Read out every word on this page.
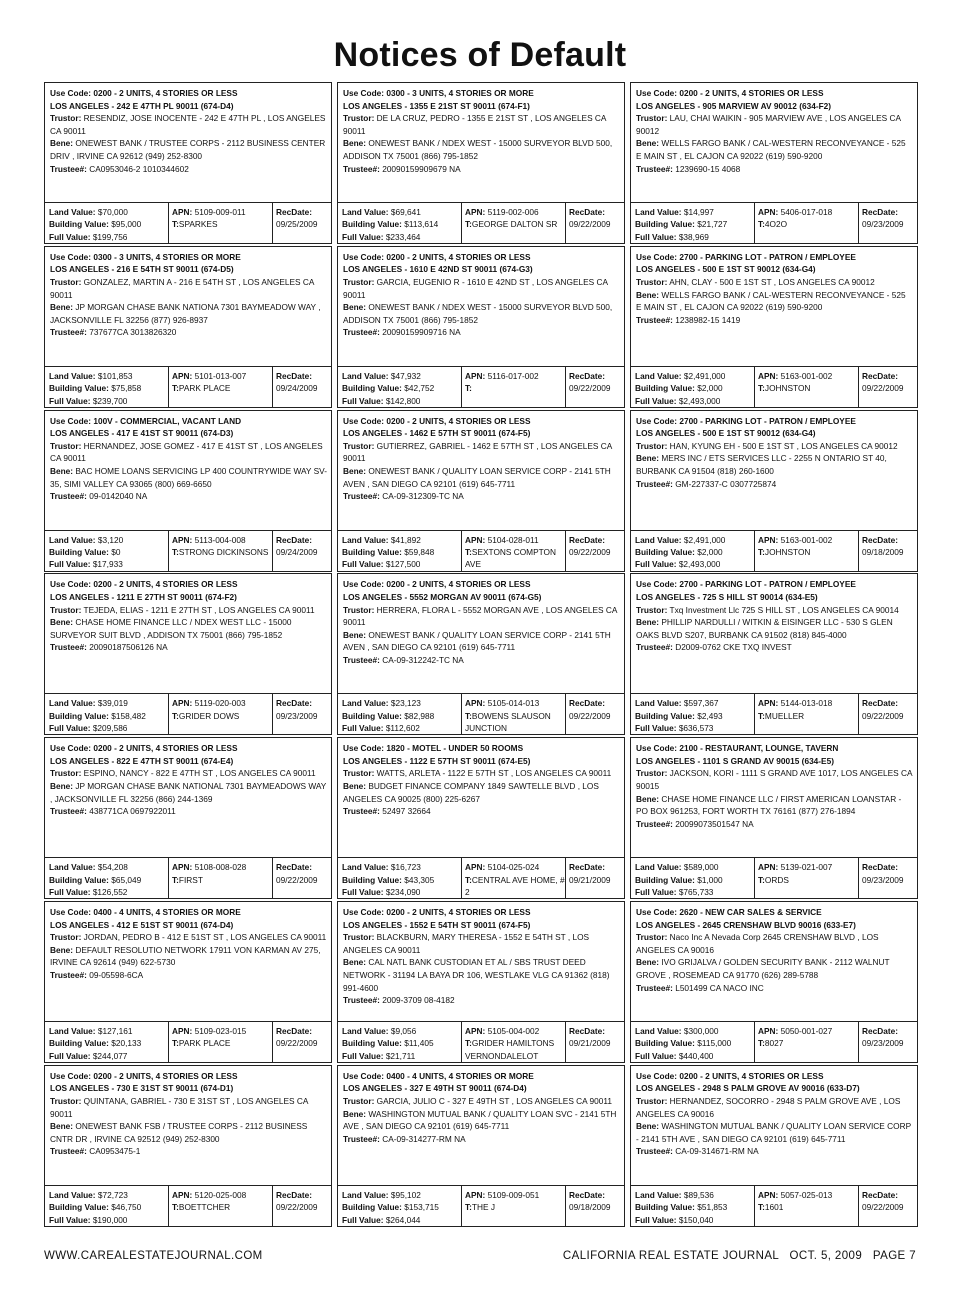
Notices of Default
Use Code: 0200 - 2 UNITS, 4 STORIES OR LESS
LOS ANGELES - 242 E 47TH PL 90011 (674-D4)
Trustor: RESENDIZ, JOSE INOCENTE - 242 E 47TH PL , LOS ANGELES CA 90011
Bene: ONEWEST BANK / TRUSTEE CORPS - 2112 BUSINESS CENTER DRIV , IRVINE CA 92612 (949) 252-8300
Trustee#: CA0953046-2 1010344602
Land Value: $70,000
Building Value: $95,000
Full Value: $199,756
APN: 5109-009-011
T:SPARKES
RecDate:
09/25/2009
Use Code: 0300 - 3 UNITS, 4 STORIES OR MORE
LOS ANGELES - 216 E 54TH ST 90011 (674-D5)
Trustor: GONZALEZ, MARTIN A - 216 E 54TH ST , LOS ANGELES CA 90011
Bene: JP MORGAN CHASE BANK NATIONA 7301 BAYMEADOW WAY , JACKSONVILLE FL 32256 (877) 926-8937
Trustee#: 737677CA 3013826320
Land Value: $101,853
Building Value: $75,858
Full Value: $239,700
APN: 5101-013-007
T:PARK PLACE
RecDate:
09/24/2009
Use Code: 100V - COMMERCIAL, VACANT LAND
LOS ANGELES - 417 E 41ST ST 90011 (674-D3)
Trustor: HERNANDEZ, JOSE GOMEZ - 417 E 41ST ST , LOS ANGELES CA 90011
Bene: BAC HOME LOANS SERVICING LP 400 COUNTRYWIDE WAY SV-35, SIMI VALLEY CA 93065 (800) 669-6650
Trustee#: 09-0142040 NA
Land Value: $3,120
Building Value: $0
Full Value: $17,933
APN: 5113-004-008
T:STRONG DICKINSONS
RecDate:
09/24/2009
Use Code: 0200 - 2 UNITS, 4 STORIES OR LESS
LOS ANGELES - 1211 E 27TH ST 90011 (674-F2)
Trustor: TEJEDA, ELIAS - 1211 E 27TH ST , LOS ANGELES CA 90011
Bene: CHASE HOME FINANCE LLC / NDEX WEST LLC - 15000 SURVEYOR SUIT BLVD , ADDISON TX 75001 (866) 795-1852
Trustee#: 20090187506126 NA
Land Value: $39,019
Building Value: $158,482
Full Value: $209,586
APN: 5119-020-003
T:GRIDER DOWS
RecDate:
09/23/2009
Use Code: 0200 - 2 UNITS, 4 STORIES OR LESS
LOS ANGELES - 822 E 47TH ST 90011 (674-E4)
Trustor: ESPINO, NANCY - 822 E 47TH ST , LOS ANGELES CA 90011
Bene: JP MORGAN CHASE BANK NATIONAL 7301 BAYMEADOWS WAY , JACKSONVILLE FL 32256 (866) 244-1369
Trustee#: 438771CA 0697922011
Land Value: $54,208
Building Value: $65,049
Full Value: $126,552
APN: 5108-008-028
T:FIRST
RecDate:
09/22/2009
Use Code: 0400 - 4 UNITS, 4 STORIES OR MORE
LOS ANGELES - 412 E 51ST ST 90011 (674-D4)
Trustor: JORDAN, PEDRO B - 412 E 51ST ST , LOS ANGELES CA 90011
Bene: DEFAULT RESOLUTIO NETWORK 17911 VON KARMAN AV 275, IRVINE CA 92614 (949) 622-5730
Trustee#: 09-05598-6CA
Land Value: $127,161
Building Value: $20,133
Full Value: $244,077
APN: 5109-023-015
T:PARK PLACE
RecDate:
09/22/2009
Use Code: 0200 - 2 UNITS, 4 STORIES OR LESS
LOS ANGELES - 730 E 31ST ST 90011 (674-D1)
Trustor: QUINTANA, GABRIEL - 730 E 31ST ST , LOS ANGELES CA 90011
Bene: ONEWEST BANK FSB / TRUSTEE CORPS - 2112 BUSINESS CNTR DR , IRVINE CA 92512 (949) 252-8300
Trustee#: CA0953475-1
Land Value: $72,723
Building Value: $46,750
Full Value: $190,000
APN: 5120-025-008
T:BOETTCHER
RecDate:
09/22/2009
Use Code: 0300 - 3 UNITS, 4 STORIES OR MORE
LOS ANGELES - 1355 E 21ST ST 90011 (674-F1)
Trustor: DE LA CRUZ, PEDRO - 1355 E 21ST ST , LOS ANGELES CA 90011
Bene: ONEWEST BANK / NDEX WEST - 15000 SURVEYOR BLVD 500, ADDISON TX 75001 (866) 795-1852
Trustee#: 20090159909679 NA
Land Value: $69,641
Building Value: $113,614
Full Value: $233,464
APN: 5119-002-006
T:GEORGE DALTON SR
RecDate:
09/22/2009
Use Code: 0200 - 2 UNITS, 4 STORIES OR LESS
LOS ANGELES - 1610 E 42ND ST 90011 (674-G3)
Trustor: GARCIA, EUGENIO R - 1610 E 42ND ST , LOS ANGELES CA 90011
Bene: ONEWEST BANK / NDEX WEST - 15000 SURVEYOR BLVD 500, ADDISON TX 75001 (866) 795-1852
Trustee#: 20090159909716 NA
Land Value: $47,932
Building Value: $42,752
Full Value: $142,800
APN: 5116-017-002
T:
RecDate:
09/22/2009
Use Code: 0200 - 2 UNITS, 4 STORIES OR LESS
LOS ANGELES - 1462 E 57TH ST 90011 (674-F5)
Trustor: GUTIERREZ, GABRIEL - 1462 E 57TH ST , LOS ANGELES CA 90011
Bene: ONEWEST BANK / QUALITY LOAN SERVICE CORP - 2141 5TH AVEN , SAN DIEGO CA 92101 (619) 645-7711
Trustee#: CA-09-312309-TC NA
Land Value: $41,892
Building Value: $59,848
Full Value: $127,500
APN: 5104-028-011
T:SEXTONS COMPTON AVE
RecDate:
09/22/2009
Use Code: 0200 - 2 UNITS, 4 STORIES OR LESS
LOS ANGELES - 5552 MORGAN AV 90011 (674-G5)
Trustor: HERRERA, FLORA L - 5552 MORGAN AVE , LOS ANGELES CA 90011
Bene: ONEWEST BANK / QUALITY LOAN SERVICE CORP - 2141 5TH AVEN , SAN DIEGO CA 92101 (619) 645-7711
Trustee#: CA-09-312242-TC NA
Land Value: $23,123
Building Value: $82,988
Full Value: $112,602
APN: 5105-014-013
T:BOWENS SLAUSON JUNCTION
RecDate:
09/22/2009
Use Code: 1820 - MOTEL - UNDER 50 ROOMS
LOS ANGELES - 1122 E 57TH ST 90011 (674-E5)
Trustor: WATTS, ARLETA - 1122 E 57TH ST , LOS ANGELES CA 90011
Bene: BUDGET FINANCE COMPANY 1849 SAWTELLE BLVD , LOS ANGELES CA 90025 (800) 225-6267
Trustee#: 52497 32664
Land Value: $16,723
Building Value: $43,305
Full Value: $234,090
APN: 5104-025-024
T:CENTRAL AVE HOME, # 2
RecDate:
09/21/2009
Use Code: 0200 - 2 UNITS, 4 STORIES OR LESS
LOS ANGELES - 1552 E 54TH ST 90011 (674-F5)
Trustor: BLACKBURN, MARY THERESA - 1552 E 54TH ST , LOS ANGELES CA 90011
Bene: CAL NATL BANK CUSTODIAN ET AL / SBS TRUST DEED NETWORK - 31194 LA BAYA DR 106, WESTLAKE VLG CA 91362 (818) 991-4600
Trustee#: 2009-3709 08-4182
Land Value: $9,056
Building Value: $11,405
Full Value: $21,711
APN: 5105-004-002
T:GRIDER HAMILTONS VERNONDALELOT
RecDate:
09/21/2009
Use Code: 0400 - 4 UNITS, 4 STORIES OR MORE
LOS ANGELES - 327 E 49TH ST 90011 (674-D4)
Trustor: GARCIA, JULIO C - 327 E 49TH ST , LOS ANGELES CA 90011
Bene: WASHINGTON MUTUAL BANK / QUALITY LOAN SVC - 2141 5TH AVE , SAN DIEGO CA 92101 (619) 645-7711
Trustee#: CA-09-314277-RM NA
Land Value: $95,102
Building Value: $153,715
Full Value: $264,044
APN: 5109-009-051
T:THE J
RecDate:
09/18/2009
Use Code: 0200 - 2 UNITS, 4 STORIES OR LESS
LOS ANGELES - 905 MARVIEW AV 90012 (634-F2)
Trustor: LAU, CHAI WAIKIN - 905 MARVIEW AVE , LOS ANGELES CA 90012
Bene: WELLS FARGO BANK / CAL-WESTERN RECONVEYANCE - 525 E MAIN ST , EL CAJON CA 92022 (619) 590-9200
Trustee#: 1239690-15 4068
Land Value: $14,997
Building Value: $21,727
Full Value: $38,969
APN: 5406-017-018
T:4O2O
RecDate:
09/23/2009
Use Code: 2700 - PARKING LOT - PATRON / EMPLOYEE
LOS ANGELES - 500 E 1ST ST 90012 (634-G4)
Trustor: AHN, CLAY - 500 E 1ST ST , LOS ANGELES CA 90012
Bene: WELLS FARGO BANK / CAL-WESTERN RECONVEYANCE - 525 E MAIN ST , EL CAJON CA 92022 (619) 590-9200
Trustee#: 1238982-15 1419
Land Value: $2,491,000
Building Value: $2,000
Full Value: $2,493,000
APN: 5163-001-002
T:JOHNSTON
RecDate:
09/22/2009
Use Code: 2700 - PARKING LOT - PATRON / EMPLOYEE
LOS ANGELES - 500 E 1ST ST 90012 (634-G4)
Trustor: HAN, KYUNG EH - 500 E 1ST ST , LOS ANGELES CA 90012
Bene: MERS INC / ETS SERVICES LLC - 2255 N ONTARIO ST 40, BURBANK CA 91504 (818) 260-1600
Trustee#: GM-227337-C 0307725874
Land Value: $2,491,000
Building Value: $2,000
Full Value: $2,493,000
APN: 5163-001-002
T:JOHNSTON
RecDate:
09/18/2009
Use Code: 2700 - PARKING LOT - PATRON / EMPLOYEE
LOS ANGELES - 725 S HILL ST 90014 (634-E5)
Trustor: Txq Investment Llc 725 S HILL ST , LOS ANGELES CA 90014
Bene: PHILLIP NARDULLI / WITKIN & EISINGER LLC - 530 S GLEN OAKS BLVD S207, BURBANK CA 91502 (818) 845-4000
Trustee#: D2009-0762 CKE TXQ INVEST
Land Value: $597,367
Building Value: $2,493
Full Value: $636,573
APN: 5144-013-018
T:MUELLER
RecDate:
09/22/2009
Use Code: 2100 - RESTAURANT, LOUNGE, TAVERN
LOS ANGELES - 1101 S GRAND AV 90015 (634-E5)
Trustor: JACKSON, KORI - 1111 S GRAND AVE 1017, LOS ANGELES CA 90015
Bene: CHASE HOME FINANCE LLC / FIRST AMERICAN LOANSTAR - PO BOX 961253, FORT WORTH TX 76161 (877) 276-1894
Trustee#: 20099073501547 NA
Land Value: $589,000
Building Value: $1,000
Full Value: $765,733
APN: 5139-021-007
T:ORDS
RecDate:
09/23/2009
Use Code: 2620 - NEW CAR SALES & SERVICE
LOS ANGELES - 2645 CRENSHAW BLVD 90016 (633-E7)
Trustor: Naco Inc A Nevada Corp 2645 CRENSHAW BLVD , LOS ANGELES CA 90016
Bene: IVO GRIJALVA / GOLDEN SECURITY BANK - 2112 WALNUT GROVE , ROSEMEAD CA 91770 (626) 289-5788
Trustee#: L501499 CA NACO INC
Land Value: $300,000
Building Value: $115,000
Full Value: $440,400
APN: 5050-001-027
T:8027
RecDate:
09/23/2009
Use Code: 0200 - 2 UNITS, 4 STORIES OR LESS
LOS ANGELES - 2948 S PALM GROVE AV 90016 (633-D7)
Trustor: HERNANDEZ, SOCORRO - 2948 S PALM GROVE AVE , LOS ANGELES CA 90016
Bene: WASHINGTON MUTUAL BANK / QUALITY LOAN SERVICE CORP - 2141 5TH AVE , SAN DIEGO CA 92101 (619) 645-7711
Trustee#: CA-09-314671-RM NA
Land Value: $89,536
Building Value: $51,853
Full Value: $150,040
APN: 5057-025-013
T:1601
RecDate:
09/22/2009
WWW.CAREALESTATEJOURNAL.COM	CALIFORNIA REAL ESTATE JOURNAL   OCT. 5, 2009   PAGE 7
